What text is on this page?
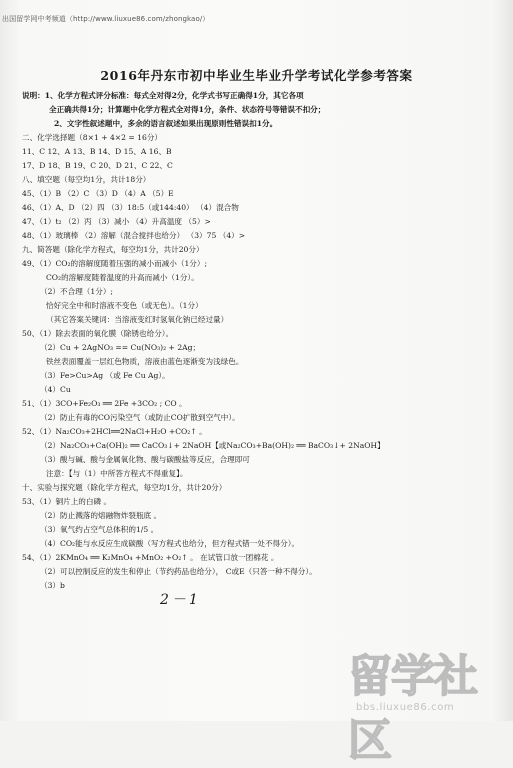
出国留学网中考频道（http://www.liuxue86.com/zhongkao/）
2016年丹东市初中毕业生毕业升学考试化学参考答案
说明：1、化学方程式评分标准：每式全对得2分，化学式书写正确得1分，其它各项
全正确共得1分；计算题中化学方程式全对得1分，条件、状态符号等错误不扣分；
2、文字性叙述题中，多余的语言叙述如果出现原则性错误扣1分。
二、化学选择题（8×1 + 4×2 = 16分）
11、C 12、A 13、B 14、D 15、A 16、B
17、D 18、B 19、C 20、D 21、C 22、C
八、填空题（每空均1分，共计18分）
45、（1）B （2）C （3）D （4）A （5）E
46、（1）A、D （2）四 （3）18:5（或144:40） （4）混合物
47、（1）t₂ （2）丙 （3）减小 （4）升高温度 （5）>
48、（1）玻璃棒 （2）溶解（混合搅拌也给分） （3）75 （4）>
九、简答题（除化学方程式，每空均1分，共计20分）
49、（1）CO₂的溶解度随着压强的减小而减小（1分）;
CO₂的溶解度随着温度的升高而减小（1分）。
（2）不合理（1分）;
恰好完全中和时溶液不变色（或无色）。（1分）
（其它答案关键词：当溶液变红时氢氧化钠已经过量）
50、（1）除去表面的氧化膜（除锈也给分）。
（2）Cu + 2AgNO₃ == Cu(NO₃)₂ + 2Ag；
铁丝表面覆盖一层红色物质，溶液由蓝色逐渐变为浅绿色。
（3）Fe>Cu>Ag （或 Fe Cu Ag）。
（4）Cu
51、（1）3CO+Fe₂O₃ ══ 2Fe +3CO₂ ; CO 。
（2）防止有毒的CO污染空气（或防止CO扩散到空气中）。
52、（1）Na₂CO₃+2HCl══2NaCl+H₂O +CO₂↑ 。
（2）Na₂CO₃+Ca(OH)₂ ══ CaCO₃↓+ 2NaOH【或Na₂CO₃+Ba(OH)₂ ══ BaCO₃↓+ 2NaOH】
（3）酸与碱、酸与金属氧化物、酸与碳酸盐等反应，合理即可
注意：【与（1）中所答方程式不得重复】。
十、实验与探究题（除化学方程式，每空均1分，共计20分）
53、（1）铜片上的白磷 。
（2）防止溅落的熔融物炸裂瓶底 。
（3）氧气约占空气总体积的1/5 。
（4）CO₂能与水反应生成碳酸（写方程式也给分，但方程式错一处不得分）。
54、（1）2KMnO₄ ══ K₂MnO₄ +MnO₂ +O₂↑ 。 在试管口放一团棉花 。
（2）可以控制反应的发生和停止（节约药品也给分）， C或E（只答一种不得分）。
（3）b
2－1
留学社区
bbs.liuxue86.com
